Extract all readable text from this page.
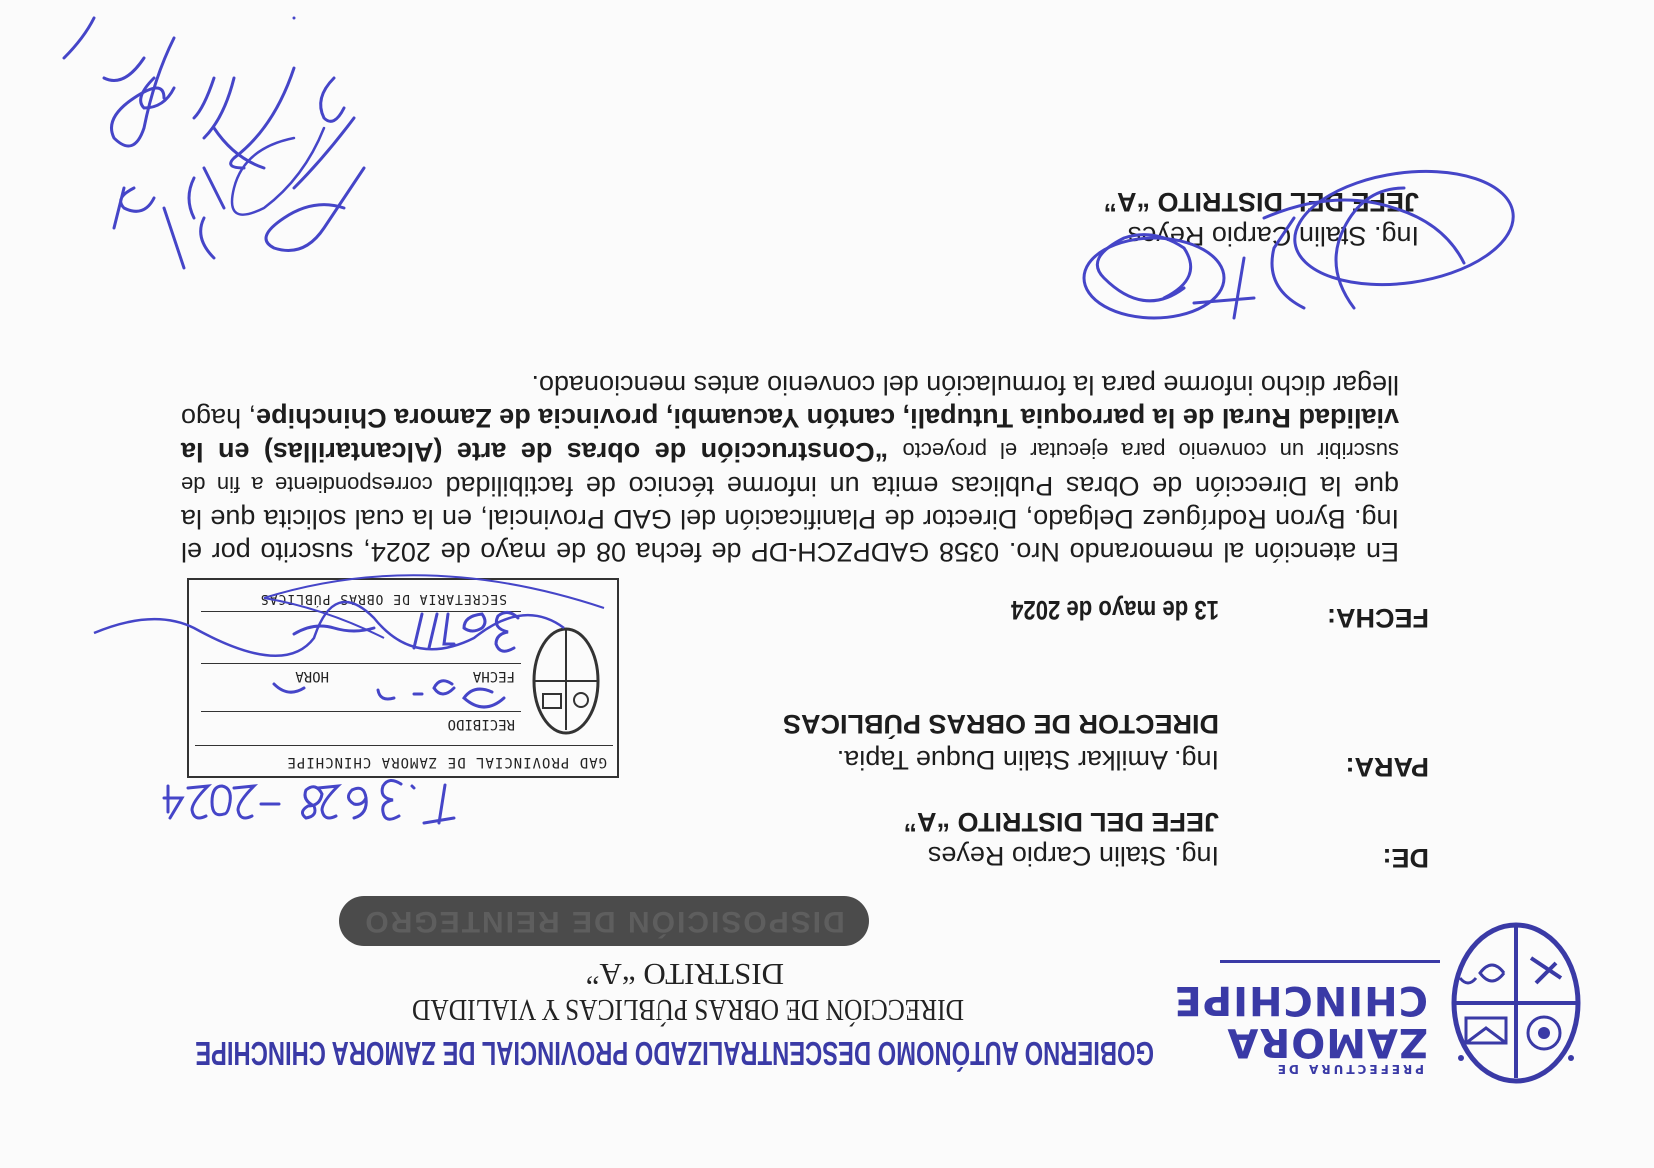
PREFECTURA DE
ZAMORA
CHINCHIPE
GOBIERNO AUTÓNOMO DESCENTRALIZADO PROVINCIAL DE ZAMORA CHINCHIPE
DIRECCIÓN DE OBRAS PÚBLICAS Y VIALIDAD
DISTRITO “A”
DISPOSICIÓN DE REINTEGRO
DE:
Ing. Stalin Carpio Reyes
JEFE DEL DISTRITO “A”
PARA:
Ing. Amilkar Stalin Duque Tapia.
DIRECTOR DE OBRAS PÚBLICAS
FECHA:
13 de mayo de 2024
GAD PROVINCIAL DE ZAMORA CHINCHIPE
RECIBIDO
FECHA
HORA
SECRETARIA DE OBRAS PÚBLICAS
En atención al memorando Nro. 0358 GADPZCH-DP de fecha 08 de mayo de 2024, suscrito por el Ing. Byron Rodríguez Delgado, Director de Planificación del GAD Provincial, en la cual solicita que la que la Dirección de Obras Publicas emita un informe técnico de factibilidad correspondiente a fin de suscribir un convenio para ejecutar el proyecto “Construcción de obras de arte (Alcantarillas) en la vialidad Rural de la parroquia Tutupali, cantón Yacuambi, provincia de Zamora Chinchipe, hago llegar dicho informe para la formulación del convenio antes mencionado.
Ing. Stalin Carpio Reyes
JEFE DEL DISTRITO “A”
